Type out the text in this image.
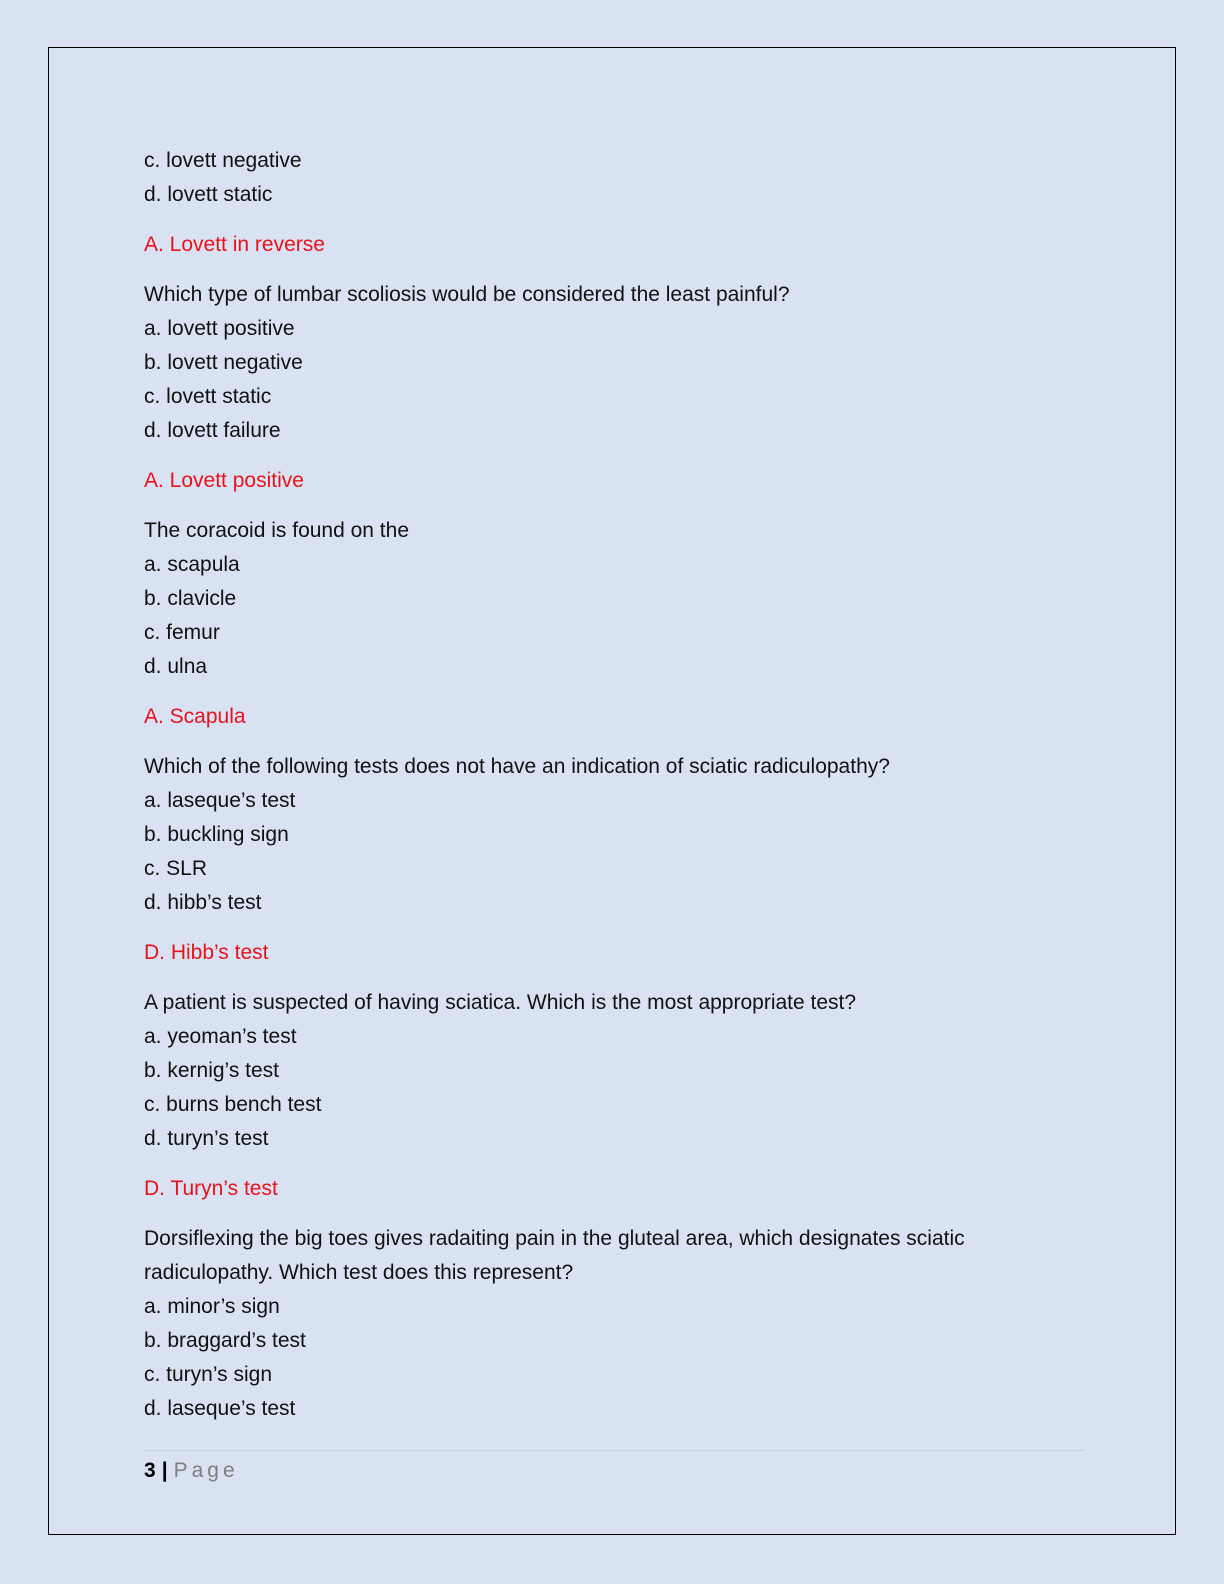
c. lovett negative

d. lovett static

A. Lovett in reverse

Which type of lumbar scoliosis would be considered the least painful?

a. lovett positive

b. lovett negative

c. lovett static

d. lovett failure

A. Lovett positive

The coracoid is found on the

a. scapula

b. clavicle

c. femur

d. ulna

A. Scapula

Which of the following tests does not have an indication of sciatic radiculopathy?

a. laseque’s test

b. buckling sign

c. SLR

d. hibb’s test

D. Hibb’s test

A patient is suspected of having sciatica. Which is the most appropriate test?

a. yeoman’s test

b. kernig’s test

c. burns bench test

d. turyn’s test

D. Turyn’s test

Dorsiflexing the big toes gives radaiting pain in the gluteal area, which designates sciatic

radiculopathy. Which test does this represent?

a. minor’s sign

b. braggard’s test

c. turyn’s sign

d. laseque’s test

3 | Page
